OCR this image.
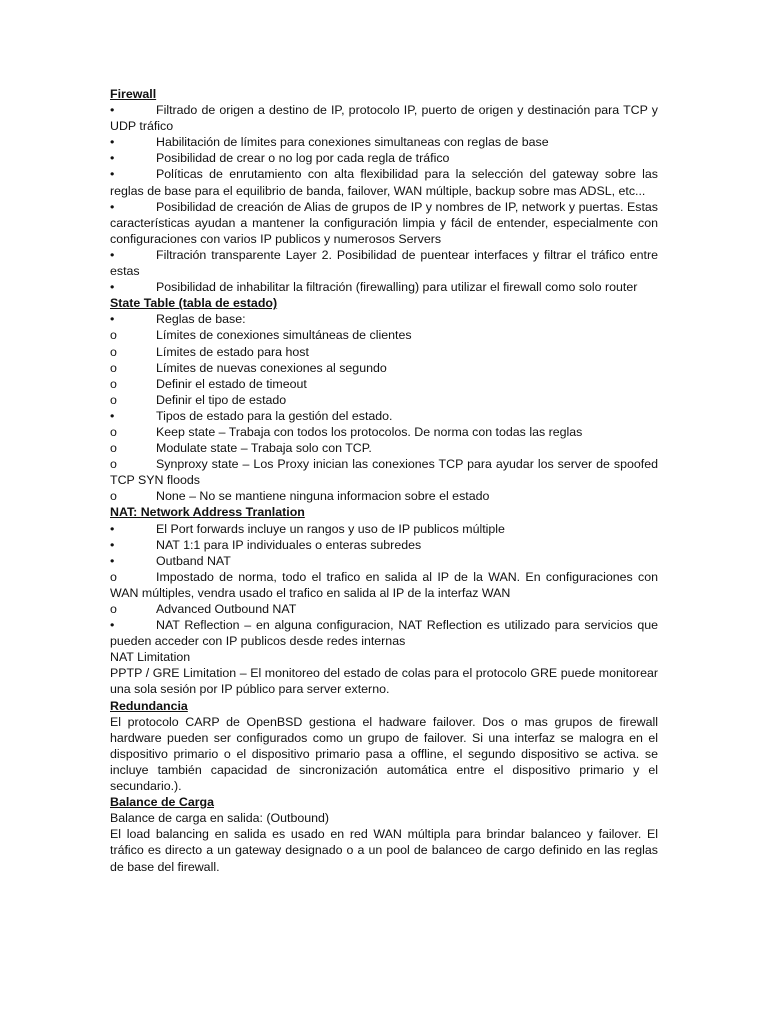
Firewall
•	Filtrado de origen a destino de IP, protocolo IP, puerto de origen y destinación para TCP y UDP tráfico
•	Habilitación de límites para conexiones simultaneas con reglas de base
•	Posibilidad de crear o no log por cada regla de tráfico
•	Políticas de enrutamiento con alta flexibilidad para la selección del gateway sobre las reglas de base para el equilibrio de banda, failover, WAN múltiple, backup sobre mas ADSL, etc...
•	Posibilidad de creación de Alias de grupos de IP y nombres de IP, network y puertas. Estas características ayudan a mantener la configuración limpia y fácil de entender, especialmente con configuraciones con varios IP publicos y numerosos Servers
•	Filtración transparente Layer 2. Posibilidad de puentear interfaces y filtrar el tráfico entre estas
•	Posibilidad de inhabilitar la filtración (firewalling) para utilizar el firewall como solo router
State Table (tabla de estado)
•	Reglas de base:
o	Límites de conexiones simultáneas de clientes
o	Límites de estado para host
o	Límites de nuevas conexiones al segundo
o	Definir el estado de timeout
o	Definir el tipo de estado
•	Tipos de estado para la gestión del estado.
o	Keep state – Trabaja con todos los protocolos. De norma con todas las reglas
o	Modulate state – Trabaja solo con TCP.
o	Synproxy state – Los Proxy inician las conexiones TCP para ayudar los server de spoofed TCP SYN floods
o	None – No se mantiene ninguna informacion sobre el estado
NAT: Network Address Tranlation
•	El Port forwards incluye un rangos y uso de IP publicos múltiple
•	NAT 1:1 para IP individuales o enteras subredes
•	Outband NAT
o	Impostado de norma, todo el trafico en salida al IP de la WAN. En configuraciones con WAN múltiples, vendra usado el trafico en salida al IP de la interfaz WAN
o	Advanced Outbound NAT
•	NAT Reflection – en alguna configuracion, NAT Reflection es utilizado para servicios que pueden acceder con IP publicos desde redes internas
NAT Limitation
PPTP / GRE Limitation – El monitoreo del estado de colas para el protocolo GRE puede monitorear una sola sesión por IP público para server externo.
Redundancia
El protocolo CARP de OpenBSD gestiona el hadware failover. Dos o mas grupos de firewall hardware pueden ser configurados como un grupo de failover. Si una interfaz se malogra en el dispositivo primario o el dispositivo primario pasa a offline, el segundo dispositivo se activa. se incluye también capacidad de sincronización automática entre el dispositivo primario y el secundario.).
Balance de Carga
Balance de carga en salida: (Outbound)
El load balancing en salida es usado en red WAN múltipla para brindar balanceo y failover. El tráfico es directo a un gateway designado o a un pool de balanceo de cargo definido en las reglas de base del firewall.
